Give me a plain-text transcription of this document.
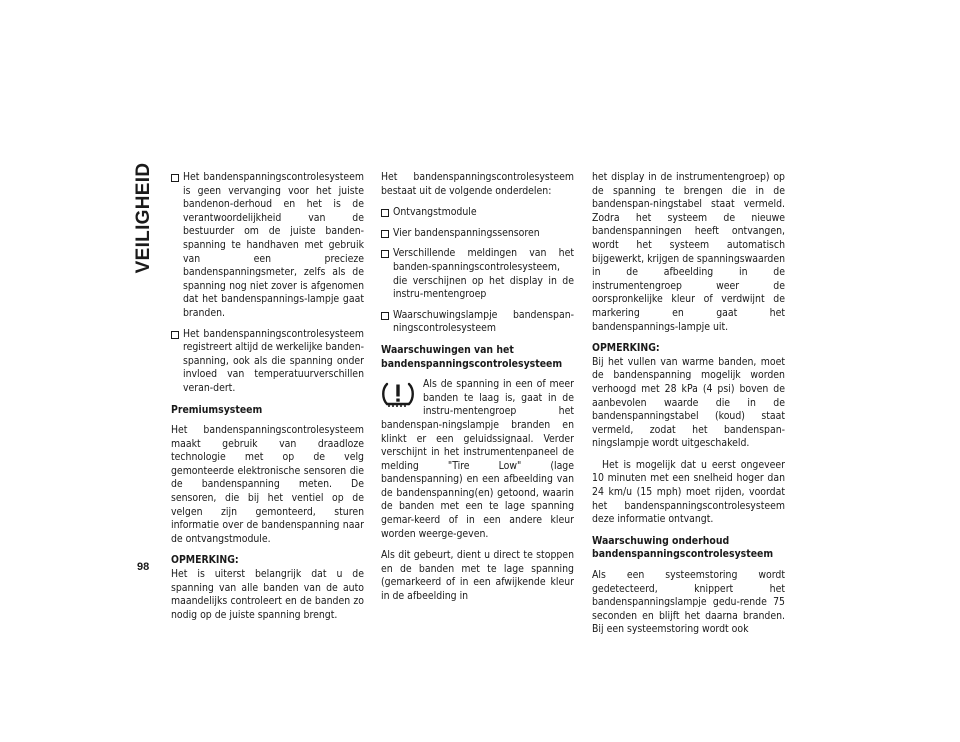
VEILIGHEID
98
Het bandenspanningscontrolesysteem is geen vervanging voor het juiste bandenon-derhoud en het is de verantwoordelijkheid van de bestuurder om de juiste banden-spanning te handhaven met gebruik van een precieze bandenspanningsmeter, zelfs als de spanning nog niet zover is afgenomen dat het bandenspannings-lampje gaat branden.
Het bandenspanningscontrolesysteem registreert altijd de werkelijke banden-spanning, ook als die spanning onder invloed van temperatuurverschillen veran-dert.
Premiumsysteem

Het bandenspanningscontrolesysteem maakt gebruik van draadloze technologie met op de velg gemonteerde elektronische sensoren die de bandenspanning meten. De sensoren, die bij het ventiel op de velgen zijn gemonteerd, sturen informatie over de bandenspanning naar de ontvangstmodule.

OPMERKING:

Het is uiterst belangrijk dat u de spanning van alle banden van de auto maandelijks controleert en de banden zo nodig op de juiste spanning brengt.

Het bandenspanningscontrolesysteem bestaat uit de volgende onderdelen:

Ontvangstmodule
Vier bandenspanningssensoren
Verschillende meldingen van het banden-spanningscontrolesysteem, die verschijnen op het display in de instru-mentengroep
Waarschuwingslampje bandenspan-ningscontrolesysteem
Waarschuwingen van het bandenspanningscontrolesysteem

Als de spanning in een of meer banden te laag is, gaat in de instru-mentengroep het bandenspan-ningslampje branden en klinkt er een geluidssignaal. Verder verschijnt in het instrumentenpaneel de melding "Tire Low" (lage bandenspanning) en een afbeelding van de bandenspanning(en) getoond, waarin de banden met een te lage spanning gemar-keerd of in een andere kleur worden weerge-geven.

Als dit gebeurt, dient u direct te stoppen en de banden met te lage spanning (gemarkeerd of in een afwijkende kleur in de afbeelding in

het display in de instrumentengroep) op de spanning te brengen die in de bandenspan-ningstabel staat vermeld. Zodra het systeem de nieuwe bandenspanningen heeft ontvangen, wordt het systeem automatisch bijgewerkt, krijgen de spanningswaarden in de afbeelding in de instrumentengroep weer de oorspronkelijke kleur of verdwijnt de markering en gaat het bandenspannings-lampje uit.

OPMERKING:

Bij het vullen van warme banden, moet de bandenspanning mogelijk worden verhoogd met 28 kPa (4 psi) boven de aanbevolen waarde die in de bandenspanningstabel (koud) staat vermeld, zodat het bandenspan-ningslampje wordt uitgeschakeld.

Het is mogelijk dat u eerst ongeveer 10 minuten met een snelheid hoger dan 24 km/u (15 mph) moet rijden, voordat het bandenspanningscontrolesysteem deze informatie ontvangt.

Waarschuwing onderhoud bandenspanningscontrolesysteem

Als een systeemstoring wordt gedetecteerd, knippert het bandenspanningslampje gedu-rende 75 seconden en blijft het daarna branden. Bij een systeemstoring wordt ook
